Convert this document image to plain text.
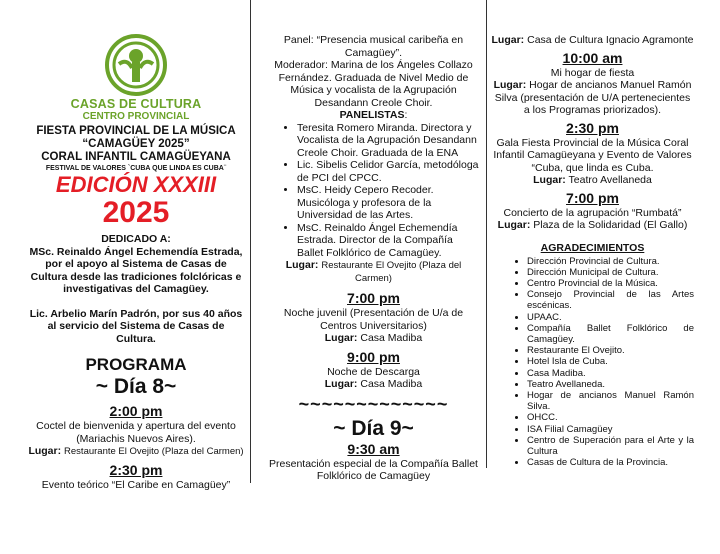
CASAS DE CULTURA
CENTRO PROVINCIAL
FIESTA PROVINCIAL DE LA MÚSICA
“CAMAGÜEY 2025”
CORAL INFANTIL CAMAGÜEYANA
FESTIVAL DE VALORES `CUBA QUE LINDA ES CUBA¨
EDICIÓN XXXIII
2025
DEDICADO A:
MSc. Reinaldo Ángel Echemendía Estrada, por el apoyo al Sistema de Casas de Cultura desde las tradiciones folclóricas e investigativas del Camagüey.
Lic. Arbelio Marín Padrón, por sus 40 años al servicio del Sistema de Casas de Cultura.
PROGRAMA
~ Día 8~
2:00 pm
Coctel de bienvenida y apertura del evento (Mariachis Nuevos Aires).
Lugar: Restaurante El Ovejito (Plaza del Carmen)
2:30 pm
Evento teórico “El Caribe en Camagüey”
Panel: “Presencia musical caribeña en Camagüey”.
Moderador: Marina de los Ángeles Collazo Fernández. Graduada de Nivel Medio de Música y vocalista de la Agrupación Desandann Creole Choir.
PANELISTAS:
• Teresita Romero Miranda. Directora y Vocalista de la Agrupación Desandann Creole Choir. Graduada de la ENA
• Lic. Sibelis Celidor García, metodóloga de PCI del CPCC.
• MsC. Heidy Cepero Recoder. Musicóloga y profesora de la Universidad de las Artes.
• MsC. Reinaldo Ángel Echemendía Estrada. Director de la Compañía Ballet Folklórico de Camagüey.
Lugar: Restaurante El Ovejito (Plaza del Carmen)
7:00 pm
Noche juvenil (Presentación de U/a de Centros Universitarios)
Lugar: Casa Madiba
9:00 pm
Noche de Descarga
Lugar: Casa Madiba
~~~~~~~~~~~~~
~ Día 9~
9:30 am
Presentación especial de la Compañía Ballet Folklórico de Camagüey
Lugar: Casa de Cultura Ignacio Agramonte
10:00 am
Mi hogar de fiesta
Lugar: Hogar de ancianos Manuel Ramón Silva (presentación de U/A pertenecientes a los Programas priorizados).
2:30 pm
Gala Fiesta Provincial de la Música Coral Infantil Camagüeyana y Evento de Valores “Cuba, que linda es Cuba.
Lugar: Teatro Avellaneda
7:00 pm
Concierto de la agrupación “Rumbatá”
Lugar: Plaza de la Solidaridad (El Gallo)
AGRADECIMIENTOS
• Dirección Provincial de Cultura.
• Dirección Municipal de Cultura.
• Centro Provincial de la Música.
• Consejo Provincial de las Artes escénicas.
• UPAAC.
• Compañía Ballet Folklórico de Camagüey.
• Restaurante El Ovejito.
• Hotel Isla de Cuba.
• Casa Madiba.
• Teatro Avellaneda.
• Hogar de ancianos Manuel Ramón Silva.
• OHCC.
• ISA Filial Camagüey
• Centro de Superación para el Arte y la Cultura
• Casas de Cultura de la Provincia.
